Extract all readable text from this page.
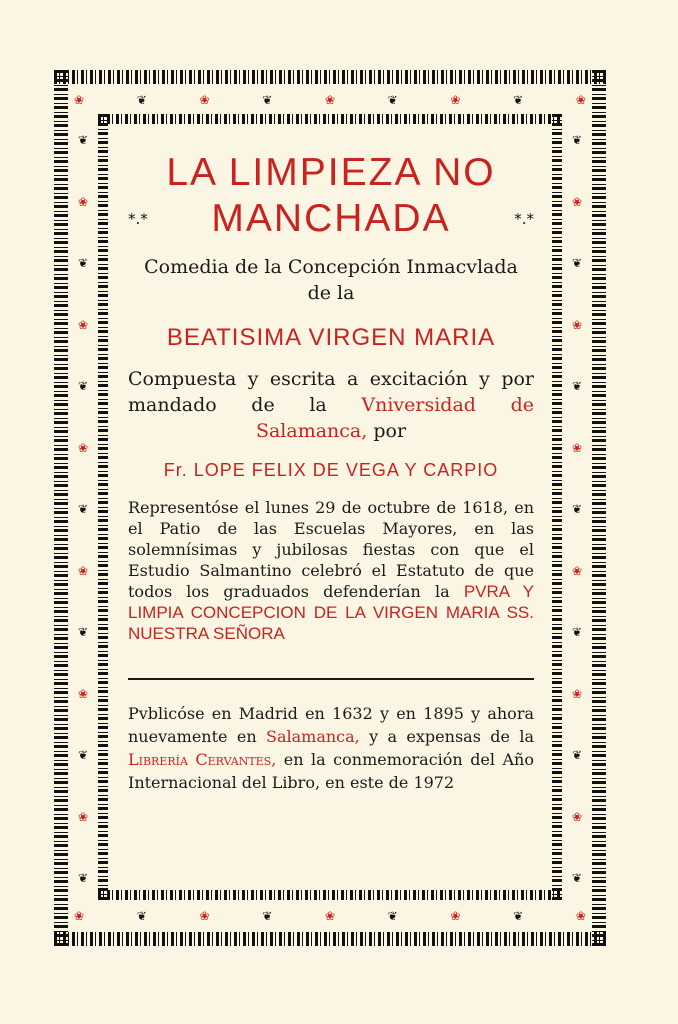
❀	❦	❀	❦	❀	❦	❀	❦	❀
❀	❦	❀	❦	❀	❦	❀	❦	❀
❦
❀
❦
❀
❦
❀
❦
❀
❦
❀
❦
❀
❦
❦
❀
❦
❀
❦
❀
❦
❀
❦
❀
❦
❀
❦
LA LIMPIEZA NO
*.* MANCHADA	*.*
Comedia de la Concepción Inmacvlada
de la
BEATISIMA VIRGEN MARIA
Compuesta y escrita a excitación y por mandado de la Vniversidad de Salamanca, por
Fr. LOPE FELIX DE VEGA Y CARPIO
Representóse el lunes 29 de octubre de 1618, en el Patio de las Escuelas Mayores, en las solemnísimas y jubilosas fiestas con que el Estudio Salmantino celebró el Estatuto de que todos los graduados defenderían la PVRA Y LIMPIA CONCEPCION DE LA VIRGEN MARIA SS. NUESTRA SEÑORA
Pvblicóse en Madrid en 1632 y en 1895 y ahora nuevamente en Salamanca, y a expensas de la Librería Cervantes, en la conmemoración del Año Internacional del Libro, en este de 1972
